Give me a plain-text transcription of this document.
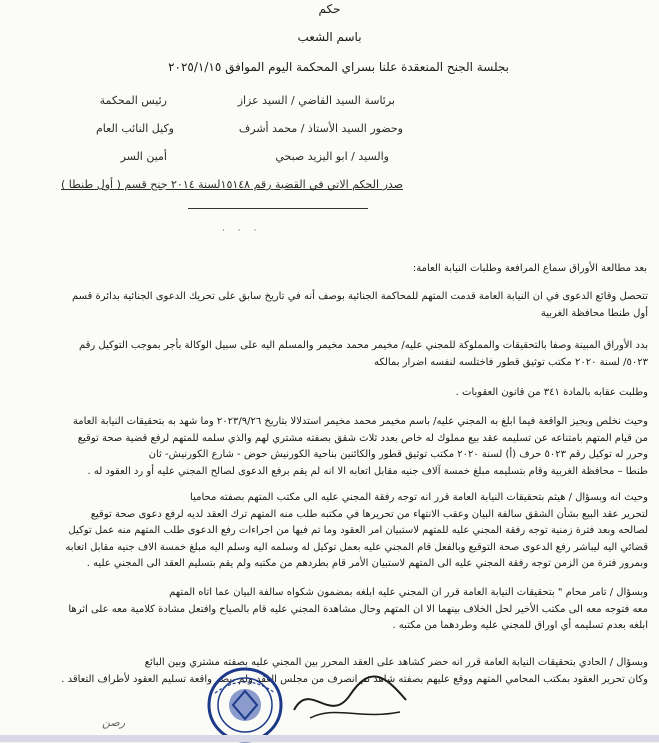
حكم
باسم الشعب
بجلسة الجنح المنعقدة علنا بسراي المحكمة اليوم الموافق ٢٠٢٥/١/١٥
برئاسة السيد القاضي / السيد عزاز
رئيس المحكمة
وحضور السيد الأستاذ / محمد أشرف
وكيل النائب العام
والسيد / ابو اليزيد صبحي
أمين السر
صدر الحكم الاتي في القضية رقم ١٥١٤٨لسنة ٢٠١٤ جنح قسم ( أول طنطا )
· · ·
بعد مطالعة الأوراق سماع المرافعة وطلبات النيابة العامة:
تتحصل وقائع الدعوى في ان النيابة العامة قدمت المتهم للمحاكمة الجنائية بوصف أنه في تاريخ سابق على تحريك الدعوى الجنائية بدائرة قسم
أول طنطا محافظة الغربية
بدد الأوراق المبينة وصفا بالتحقيقات والمملوكة للمجني عليه/ مخيمر محمد مخيمر والمسلم اليه على سبيل الوكالة بأجر بموجب التوكيل رقم
٥٠٢٣/ لسنة ٢٠٢٠ مكتب توثيق قطور فاختلسه لنفسه اضرار بمالكه
وطلبت عقابه بالمادة ٣٤١ من قانون العقوبات .
وحيث نخلص وبجيز الواقعة فيما ابلغ به المجني عليه/ باسم مخيمر محمد مخيمر استدلالا بتاريخ ٢٠٢٣/٩/٢٦ وما شهد به بتحقيقات النيابة العامة
من قيام المتهم بامتناعه عن تسليمه عقد بيع مملوك له خاص بعدد ثلاث شقق بصفته مشتري لهم والذي سلمه للمتهم لرفع قضية صحة توقيع
وحرر له توكيل رقم ٥٠٢٣ حرف (أ) لسنة ٢٠٢٠ مكتب توثيق قطور والكائنين بناحية الكورنيش حوض - شارع الكورنيش- ثان
طنطا – محافظة الغربية وقام بتسليمه مبلغ خمسة آلاف جنيه مقابل اتعابه الا انه لم يقم برفع الدعوى لصالح المجني عليه أو رد العقود له .
وحيث انه وبسؤال / هيثم بتحقيقات النيابة العامة قرر انه توجه رفقة المجني عليه الى مكتب المتهم بصفته محاميا
لتحرير عقد البيع بشأن الشقق سالفة البيان وعقب الانتهاء من تحريرها في مكتبه طلب منه المتهم ترك العقد لديه لرفع دعوى صحة توقيع
لصالحه وبعد فترة زمنية توجه رفقة المجني عليه للمتهم لاستبيان امر العقود وما تم فيها من اجراءات رفع الدعوى طلب المتهم منه عمل توكيل
قضائي اليه ليباشر رفع الدعوى صحة التوقيع وبالفعل قام المجني عليه بعمل توكيل له وسلمه اليه وسلم اليه مبلغ خمسة الاف جنيه مقابل اتعابه
وبمرور فترة من الزمن توجه رفقة المجني عليه الى المتهم لاستبيان الأمر قام بطردهم من مكتبه ولم يقم بتسليم العقد الى المجني عليه .
وبسؤال / تامر محام " بتحقيقات النيابة العامة قرر ان المجني عليه ابلغه بمضمون شكواه سالفة البيان عما اتاه المتهم
معه فتوجه معه الى مكتب الأخير لحل الخلاف بينهما الا ان المتهم وحال مشاهدة المجني عليه قام بالصياح وافتعل مشادة كلامية معه على اثرها
ابلغه بعدم تسليمه أي اوراق للمجني عليه وطردهما من مكتبه .
وبسؤال / الحادي بتحقيقات النيابة العامة قرر انه حضر كشاهد على العقد المحرر بين المجني عليه بصفته مشتري وبين البائع
وكان تحرير العقود بمكتب المحامي المتهم ووقع عليهم بصفته شاهد ثم انصرف من مجلس العقد ولم يبصر واقعة تسليم العقود لأطراف التعاقد .
رصن
